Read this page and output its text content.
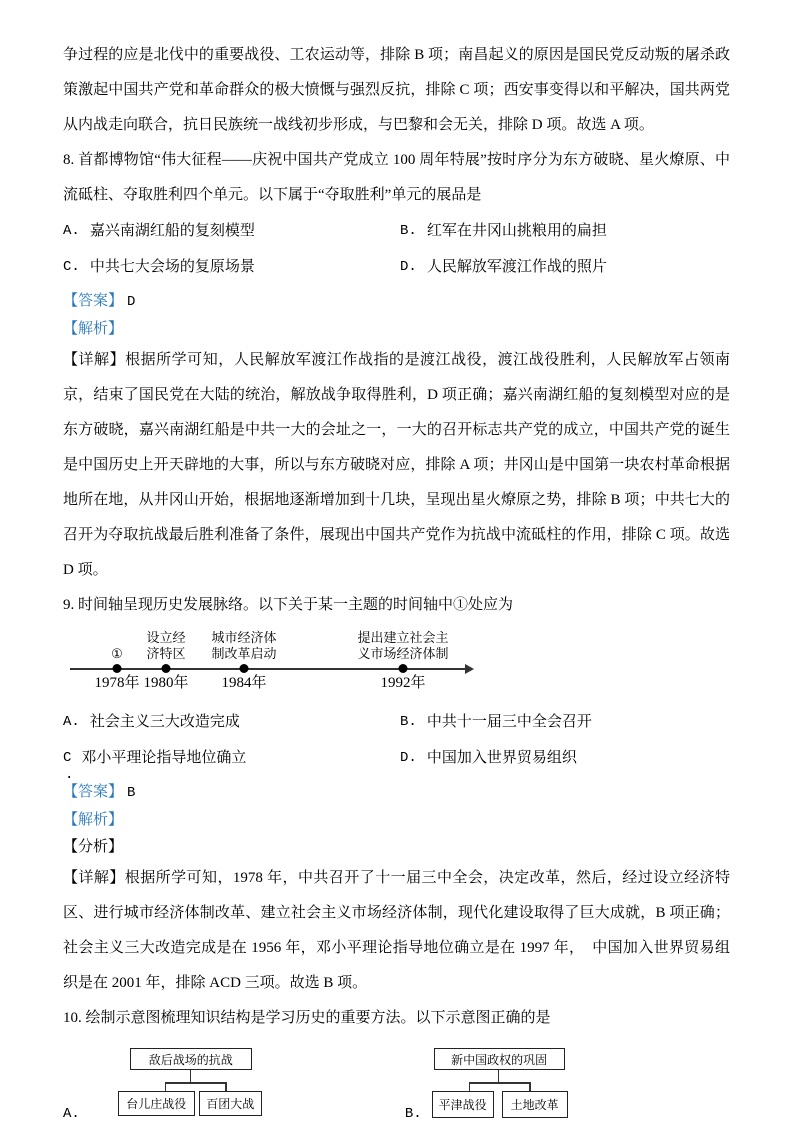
争过程的应是北伐中的重要战役、工农运动等，排除 B 项；南昌起义的原因是国民党反动叛的屠杀政策激起中国共产党和革命群众的极大愤慨与强烈反抗，排除 C 项；西安事变得以和平解决，国共两党从内战走向联合，抗日民族统一战线初步形成，与巴黎和会无关，排除 D 项。故选 A 项。

8. 首都博物馆“伟大征程——庆祝中国共产党成立 100 周年特展”按时序分为东方破晓、星火燎原、中流砥柱、夺取胜利四个单元。以下属于“夺取胜利”单元的展品是

A. 嘉兴南湖红船的复刻模型	B. 红军在井冈山挑粮用的扁担
C. 中共七大会场的复原场景	D. 人民解放军渡江作战的照片

【答案】 D

【解析】

【详解】根据所学可知，人民解放军渡江作战指的是渡江战役，渡江战役胜利，人民解放军占领南京，结束了国民党在大陆的统治，解放战争取得胜利，D 项正确；嘉兴南湖红船的复刻模型对应的是东方破晓，嘉兴南湖红船是中共一大的会址之一，一大的召开标志共产党的成立，中国共产党的诞生是中国历史上开天辟地的大事，所以与东方破晓对应，排除 A 项；井冈山是中国第一块农村革命根据地所在地，从井冈山开始，根据地逐渐增加到十几块，呈现出星火燎原之势，排除 B 项；中共七大的召开为夺取抗战最后胜利准备了条件，展现出中国共产党作为抗战中流砥柱的作用，排除 C 项。故选 D 项。

9. 时间轴呈现历史发展脉络。以下关于某一主题的时间轴中①处应为

①
1978年
设立经
济特区
1980年
城市经济体
制改革启动
1984年
提出建立社会主
义市场经济体制
1992年
A. 社会主义三大改造完成	B. 中共十一届三中全会召开
C
.
邓小平理论指导地位确立	D. 中国加入世界贸易组织

【答案】 B

【解析】

【分析】

【详解】根据所学可知，1978 年，中共召开了十一届三中全会，决定改革，然后，经过设立经济特区、进行城市经济体制改革、建立社会主义市场经济体制，现代化建设取得了巨大成就，B 项正确；社会主义三大改造完成是在 1956 年，邓小平理论指导地位确立是在 1997 年，　中国加入世界贸易组织是在 2001 年，排除 ACD 三项。故选 B 项。

10. 绘制示意图梳理知识结构是学习历史的重要方法。以下示意图正确的是

A.
敌后战场的抗战
台儿庄战役	百团大战
B.
新中国政权的巩固
平津战役	土地改革
